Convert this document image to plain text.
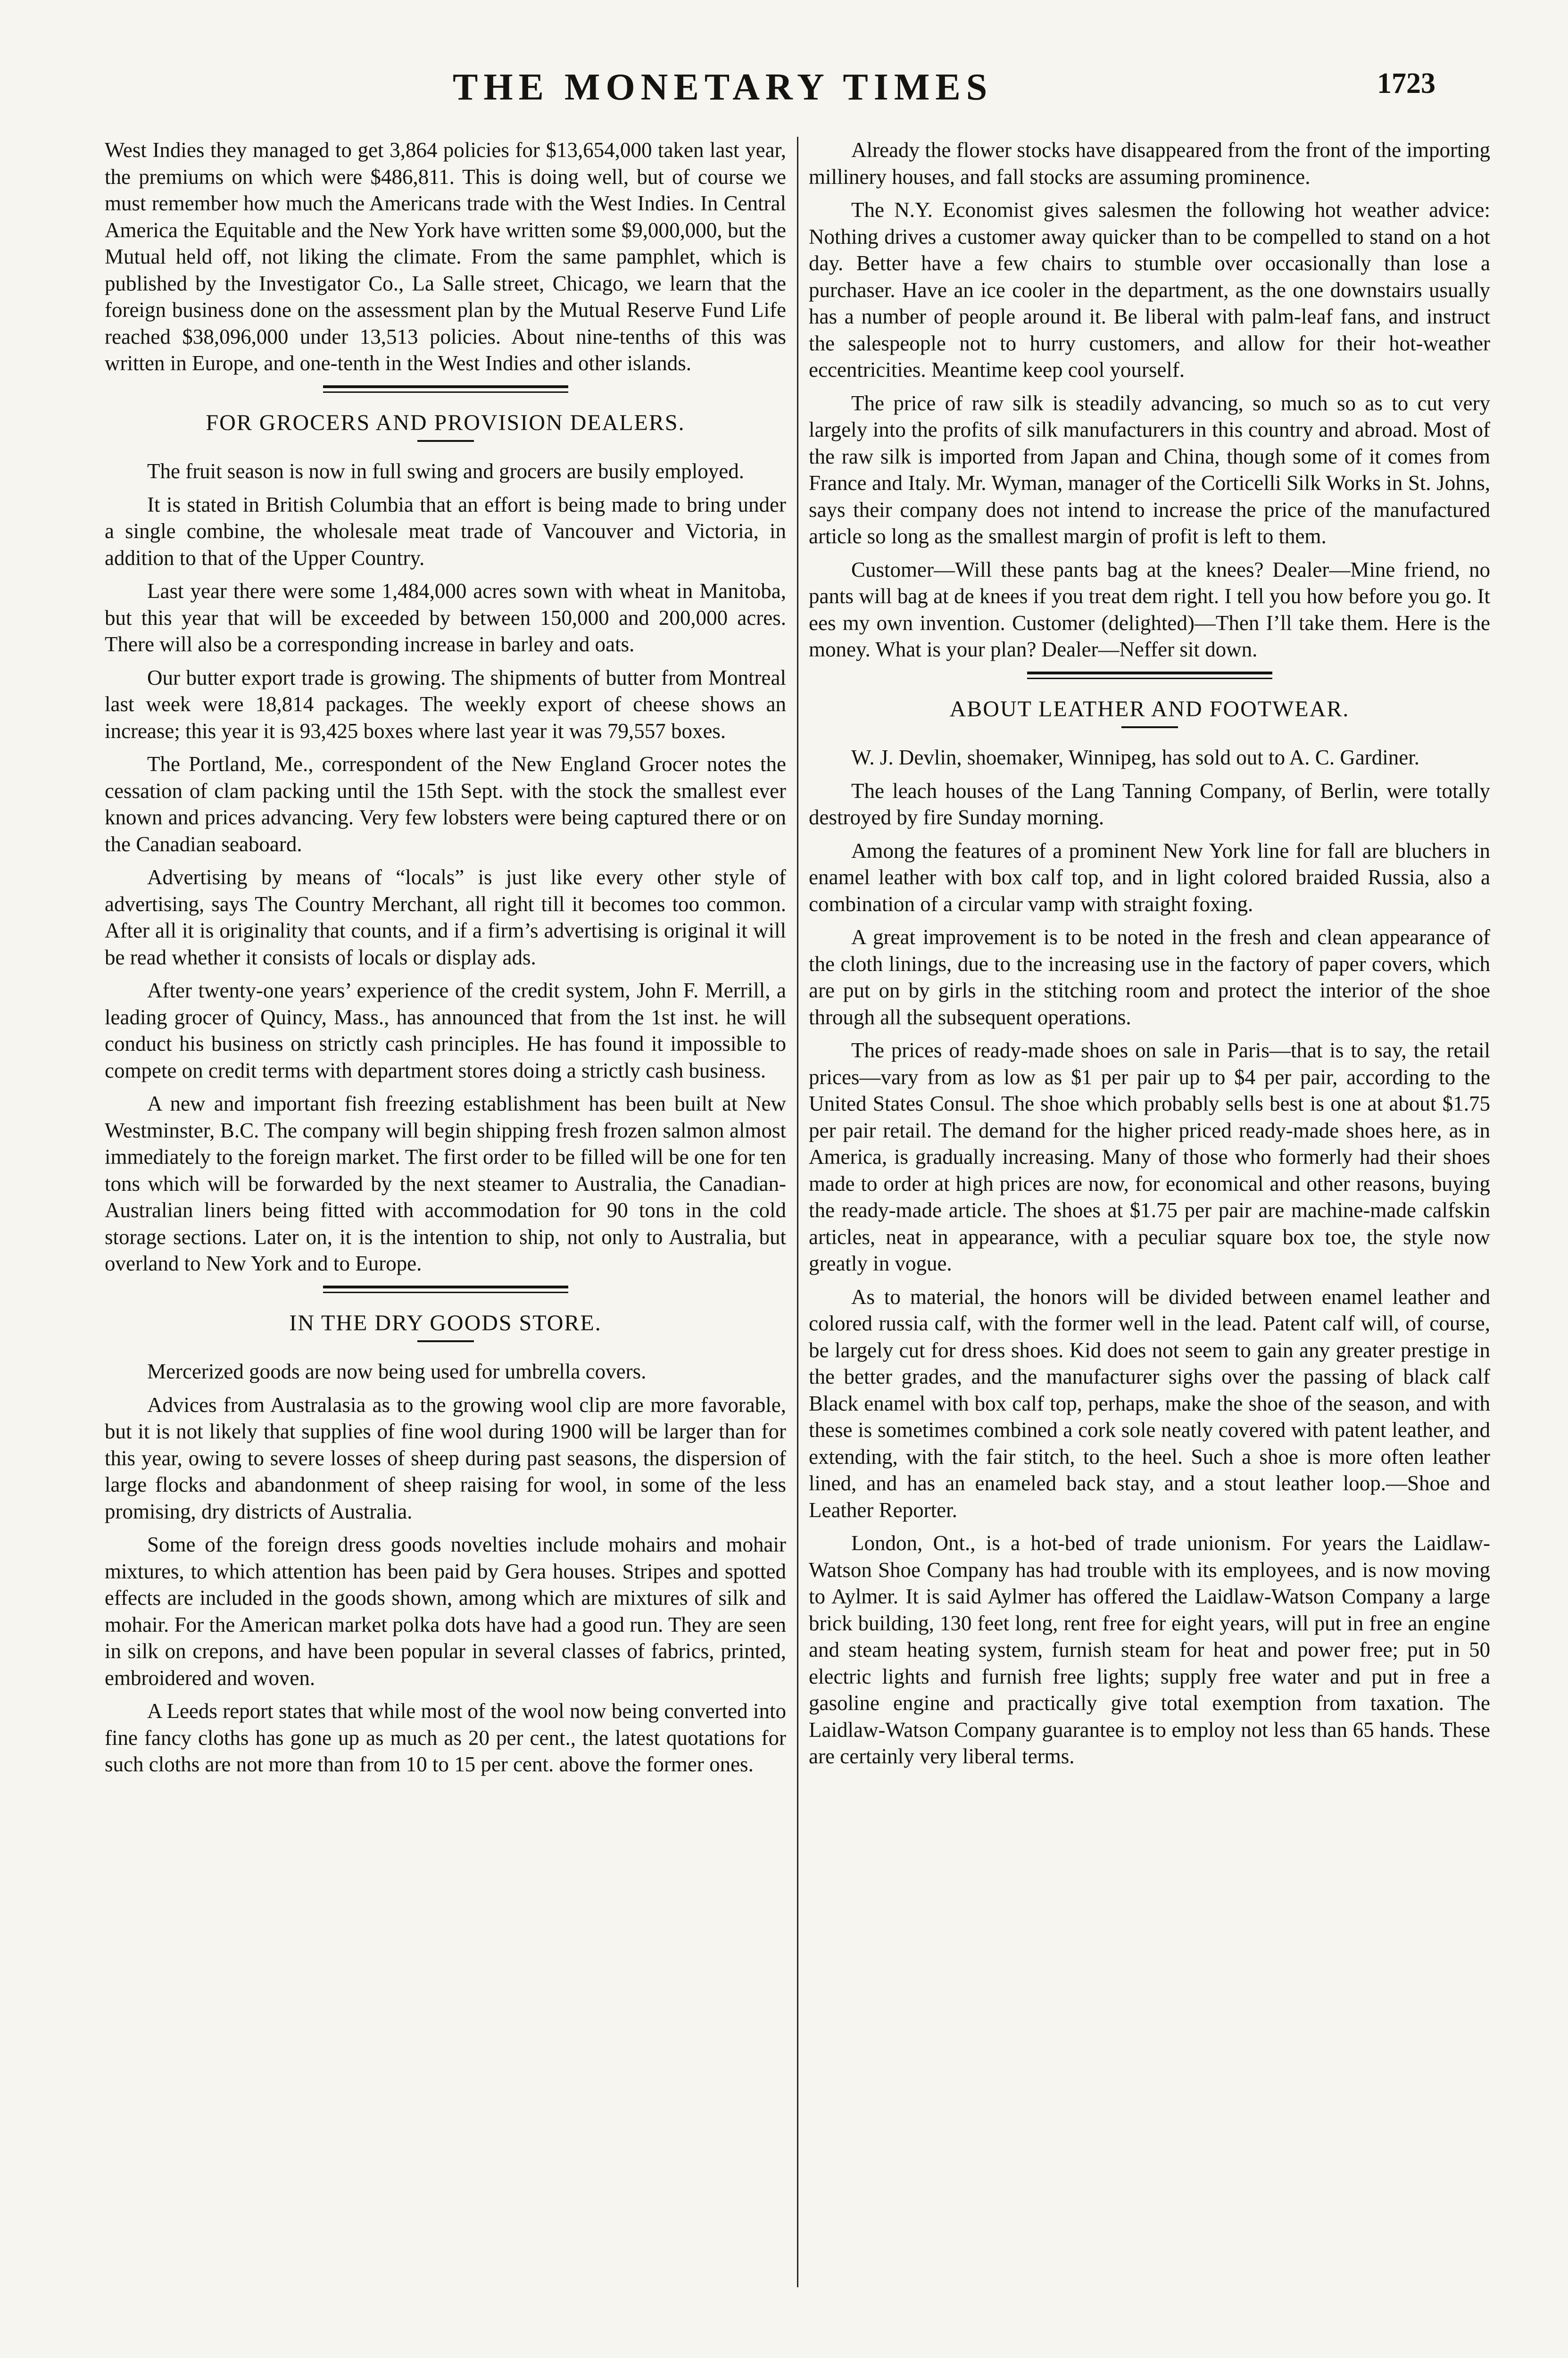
THE MONETARY TIMES	1723

West Indies they managed to get 3,864 policies for $13,654,000 taken last year, the premiums on which were $486,811. This is doing well, but of course we must remember how much the Americans trade with the West Indies. In Central America the Equitable and the New York have written some $9,000,000, but the Mutual held off, not liking the climate. From the same pamphlet, which is published by the Investigator Co., La Salle street, Chicago, we learn that the foreign business done on the assessment plan by the Mutual Reserve Fund Life reached $38,096,000 under 13,513 policies. About nine-tenths of this was written in Europe, and one-tenth in the West Indies and other islands.

FOR GROCERS AND PROVISION DEALERS.

The fruit season is now in full swing and grocers are busily employed.

It is stated in British Columbia that an effort is being made to bring under a single combine, the wholesale meat trade of Vancouver and Victoria, in addition to that of the Upper Country.

Last year there were some 1,484,000 acres sown with wheat in Manitoba, but this year that will be exceeded by between 150,000 and 200,000 acres. There will also be a corresponding increase in barley and oats.

Our butter export trade is growing. The shipments of butter from Montreal last week were 18,814 packages. The weekly export of cheese shows an increase; this year it is 93,425 boxes where last year it was 79,557 boxes.

The Portland, Me., correspondent of the New England Grocer notes the cessation of clam packing until the 15th Sept. with the stock the smallest ever known and prices advancing. Very few lobsters were being captured there or on the Canadian seaboard.

Advertising by means of “locals” is just like every other style of advertising, says The Country Merchant, all right till it becomes too common. After all it is originality that counts, and if a firm’s advertising is original it will be read whether it consists of locals or display ads.

After twenty-one years’ experience of the credit system, John F. Merrill, a leading grocer of Quincy, Mass., has announced that from the 1st inst. he will conduct his business on strictly cash principles. He has found it impossible to compete on credit terms with department stores doing a strictly cash business.

A new and important fish freezing establishment has been built at New Westminster, B.C. The company will begin shipping fresh frozen salmon almost immediately to the foreign market. The first order to be filled will be one for ten tons which will be forwarded by the next steamer to Australia, the Canadian-Australian liners being fitted with accommodation for 90 tons in the cold storage sections. Later on, it is the intention to ship, not only to Australia, but overland to New York and to Europe.

IN THE DRY GOODS STORE.

Mercerized goods are now being used for umbrella covers.

Advices from Australasia as to the growing wool clip are more favorable, but it is not likely that supplies of fine wool during 1900 will be larger than for this year, owing to severe losses of sheep during past seasons, the dispersion of large flocks and abandonment of sheep raising for wool, in some of the less promising, dry districts of Australia.

Some of the foreign dress goods novelties include mohairs and mohair mixtures, to which attention has been paid by Gera houses. Stripes and spotted effects are included in the goods shown, among which are mixtures of silk and mohair. For the American market polka dots have had a good run. They are seen in silk on crepons, and have been popular in several classes of fabrics, printed, embroidered and woven.

A Leeds report states that while most of the wool now being converted into fine fancy cloths has gone up as much as 20 per cent., the latest quotations for such cloths are not more than from 10 to 15 per cent. above the former ones.

Already the flower stocks have disappeared from the front of the importing millinery houses, and fall stocks are assuming prominence.

The N.Y. Economist gives salesmen the following hot weather advice: Nothing drives a customer away quicker than to be compelled to stand on a hot day. Better have a few chairs to stumble over occasionally than lose a purchaser. Have an ice cooler in the department, as the one downstairs usually has a number of people around it. Be liberal with palm-leaf fans, and instruct the salespeople not to hurry customers, and allow for their hot-weather eccentricities. Meantime keep cool yourself.

The price of raw silk is steadily advancing, so much so as to cut very largely into the profits of silk manufacturers in this country and abroad. Most of the raw silk is imported from Japan and China, though some of it comes from France and Italy. Mr. Wyman, manager of the Corticelli Silk Works in St. Johns, says their company does not intend to increase the price of the manufactured article so long as the smallest margin of profit is left to them.

Customer—Will these pants bag at the knees? Dealer—Mine friend, no pants will bag at de knees if you treat dem right. I tell you how before you go. It ees my own invention. Customer (delighted)—Then I’ll take them. Here is the money. What is your plan? Dealer—Neffer sit down.

ABOUT LEATHER AND FOOTWEAR.

W. J. Devlin, shoemaker, Winnipeg, has sold out to A. C. Gardiner.

The leach houses of the Lang Tanning Company, of Berlin, were totally destroyed by fire Sunday morning.

Among the features of a prominent New York line for fall are bluchers in enamel leather with box calf top, and in light colored braided Russia, also a combination of a circular vamp with straight foxing.

A great improvement is to be noted in the fresh and clean appearance of the cloth linings, due to the increasing use in the factory of paper covers, which are put on by girls in the stitching room and protect the interior of the shoe through all the subsequent operations.

The prices of ready-made shoes on sale in Paris—that is to say, the retail prices—vary from as low as $1 per pair up to $4 per pair, according to the United States Consul. The shoe which probably sells best is one at about $1.75 per pair retail. The demand for the higher priced ready-made shoes here, as in America, is gradually increasing. Many of those who formerly had their shoes made to order at high prices are now, for economical and other reasons, buying the ready-made article. The shoes at $1.75 per pair are machine-made calfskin articles, neat in appearance, with a peculiar square box toe, the style now greatly in vogue.

As to material, the honors will be divided between enamel leather and colored russia calf, with the former well in the lead. Patent calf will, of course, be largely cut for dress shoes. Kid does not seem to gain any greater prestige in the better grades, and the manufacturer sighs over the passing of black calf Black enamel with box calf top, perhaps, make the shoe of the season, and with these is sometimes combined a cork sole neatly covered with patent leather, and extending, with the fair stitch, to the heel. Such a shoe is more often leather lined, and has an enameled back stay, and a stout leather loop.—Shoe and Leather Reporter.

London, Ont., is a hot-bed of trade unionism. For years the Laidlaw-Watson Shoe Company has had trouble with its employees, and is now moving to Aylmer. It is said Aylmer has offered the Laidlaw-Watson Company a large brick building, 130 feet long, rent free for eight years, will put in free an engine and steam heating system, furnish steam for heat and power free; put in 50 electric lights and furnish free lights; supply free water and put in free a gasoline engine and practically give total exemption from taxation. The Laidlaw-Watson Company guarantee is to employ not less than 65 hands. These are certainly very liberal terms.
